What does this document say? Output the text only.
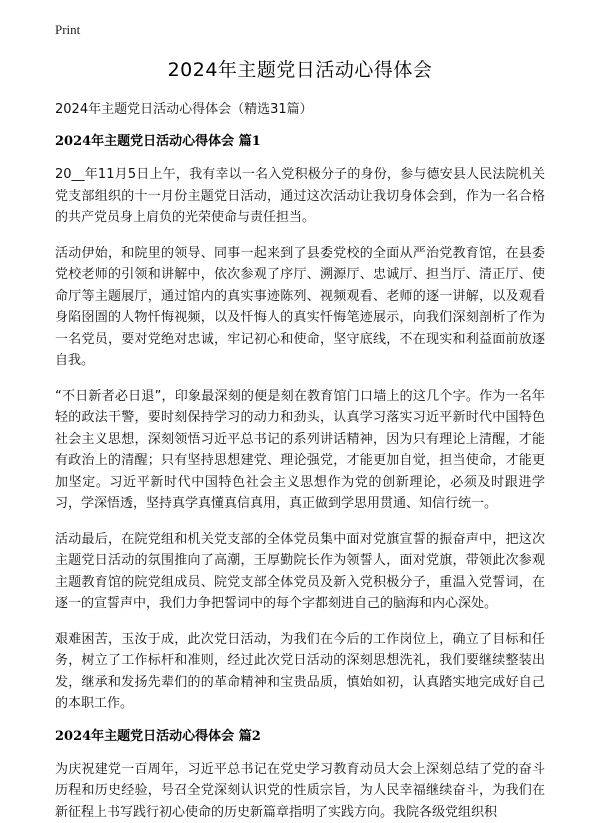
Print
2024年主题党日活动心得体会

2024年主题党日活动心得体会（精选31篇）

2024年主题党日活动心得体会 篇1

20__年11月5日上午，我有幸以一名入党积极分子的身份，参与德安县人民法院机关党支部组织的十一月份主题党日活动，通过这次活动让我切身体会到，作为一名合格的共产党员身上肩负的光荣使命与责任担当。

活动伊始，和院里的领导、同事一起来到了县委党校的全面从严治党教育馆，在县委党校老师的引领和讲解中，依次参观了序厅、溯源厅、忠诚厅、担当厅、清正厅、使命厅等主题展厅，通过馆内的真实事迹陈列、视频观看、老师的逐一讲解，以及观看身陷囹圄的人物忏悔视频，以及忏悔人的真实忏悔笔迹展示，向我们深刻剖析了作为一名党员，要对党绝对忠诚，牢记初心和使命，坚守底线，不在现实和利益面前放逐自我。

“不日新者必日退”，印象最深刻的便是刻在教育馆门口墙上的这几个字。作为一名年轻的政法干警，要时刻保持学习的动力和劲头，认真学习落实习近平新时代中国特色社会主义思想，深刻领悟习近平总书记的系列讲话精神，因为只有理论上清醒，才能有政治上的清醒；只有坚持思想建党、理论强党，才能更加自觉，担当使命，才能更加坚定。习近平新时代中国特色社会主义思想作为党的创新理论，必须及时跟进学习，学深悟透，坚持真学真懂真信真用，真正做到学思用贯通、知信行统一。

活动最后，在院党组和机关党支部的全体党员集中面对党旗宣誓的振奋声中，把这次主题党日活动的氛围推向了高潮，王厚勤院长作为领誓人，面对党旗，带领此次参观主题教育馆的院党组成员、院党支部全体党员及新入党积极分子，重温入党誓词，在逐一的宣誓声中，我们力争把誓词中的每个字都刻进自己的脑海和内心深处。

艰难困苦，玉汝于成，此次党日活动，为我们在今后的工作岗位上，确立了目标和任务，树立了工作标杆和准则，经过此次党日活动的深刻思想洗礼，我们要继续整装出发，继承和发扬先辈们的的革命精神和宝贵品质，慎始如初，认真踏实地完成好自己的本职工作。

2024年主题党日活动心得体会 篇2

为庆祝建党一百周年，习近平总书记在党史学习教育动员大会上深刻总结了党的奋斗历程和历史经验，号召全党深刻认识党的性质宗旨，为人民幸福继续奋斗，为我们在新征程上书写践行初心使命的历史新篇章指明了实践方向。我院各级党组织积
